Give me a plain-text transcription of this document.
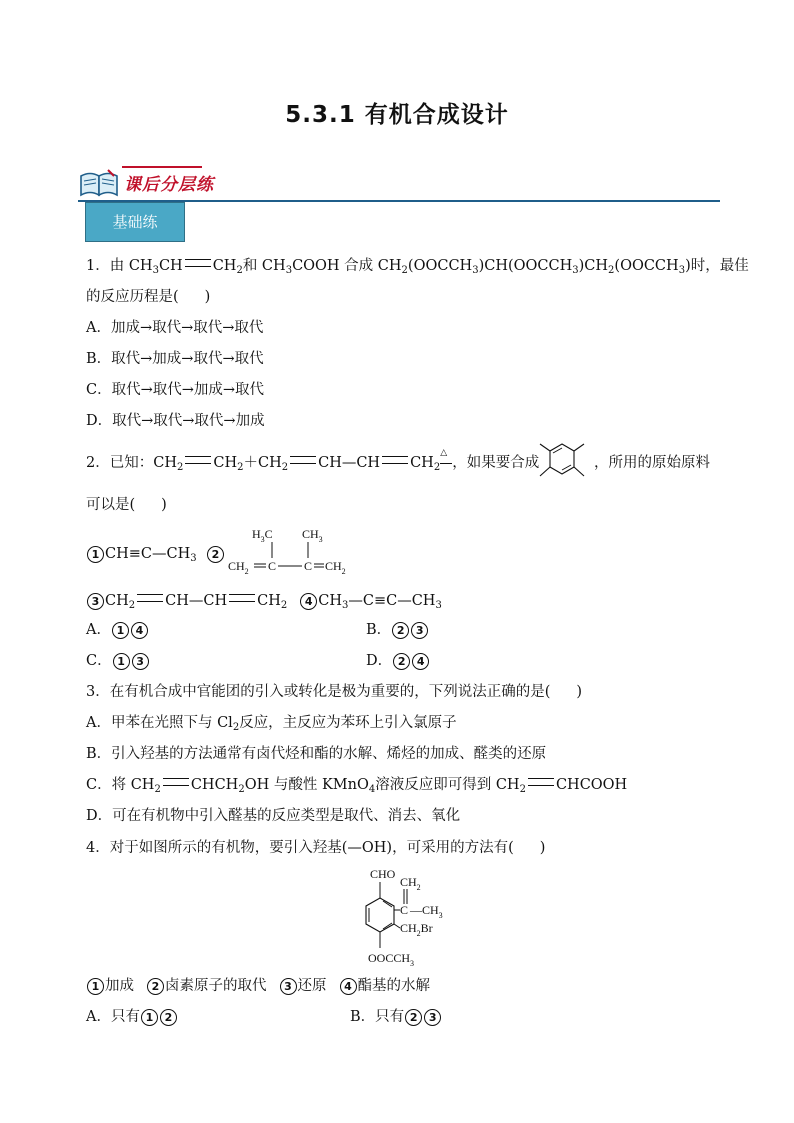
5.3.1 有机合成设计
课后分层练
基础练
1．由 $CH_3CH$ $CH_2$和 $CH_3COOH$ 合成 $CH_2(OOCCH_3)CH(OOCCH_3)CH_2(OOCCH_3)$时，最佳
的反应历程是( )
A．加成→取代→取代→取代
B．取代→加成→取代→取代
C．取代→取代→加成→取代
D．取代→取代→取代→加成
2．已知：$CH_2$ $CH_2+CH_2$ CH—CH $CH_2$
△
，如果要合成	，所用的原始原料
可以是( )
1 $CH\equiv C—CH_3$	2
$H_3C$ $CH_3$
$CH_2$ C C $CH_2$
3 $CH_2$ CH—CH $CH_2$ 4 $CH_3—C\equiv C—CH_3$
A． 1 4	B． 2 3
C． 1 3	D． 2 4
3．在有机合成中官能团的引入或转化是极为重要的，下列说法正确的是( )
A．甲苯在光照下与 $Cl_2$反应，主反应为苯环上引入氯原子
B．引入羟基的方法通常有卤代烃和酯的水解、烯烃的加成、醛类的还原
C．将 $CH_2$ $CHCH_2OH$ 与酸性 KMnO$_4$溶液反应即可得到 $CH_2$ CHCOOH
D．可在有机物中引入醛基的反应类型是取代、消去、氧化
4．对于如图所示的有机物，要引入羟基(—OH)，可采用的方法有( )
CHO
$CH_2$
C $—CH_3$
$CH_2Br$
$OOCCH_3$
1 加成 2 卤素原子的取代 3 还原 4 酯基的水解
A．只有 1 2	B．只有 2 3
